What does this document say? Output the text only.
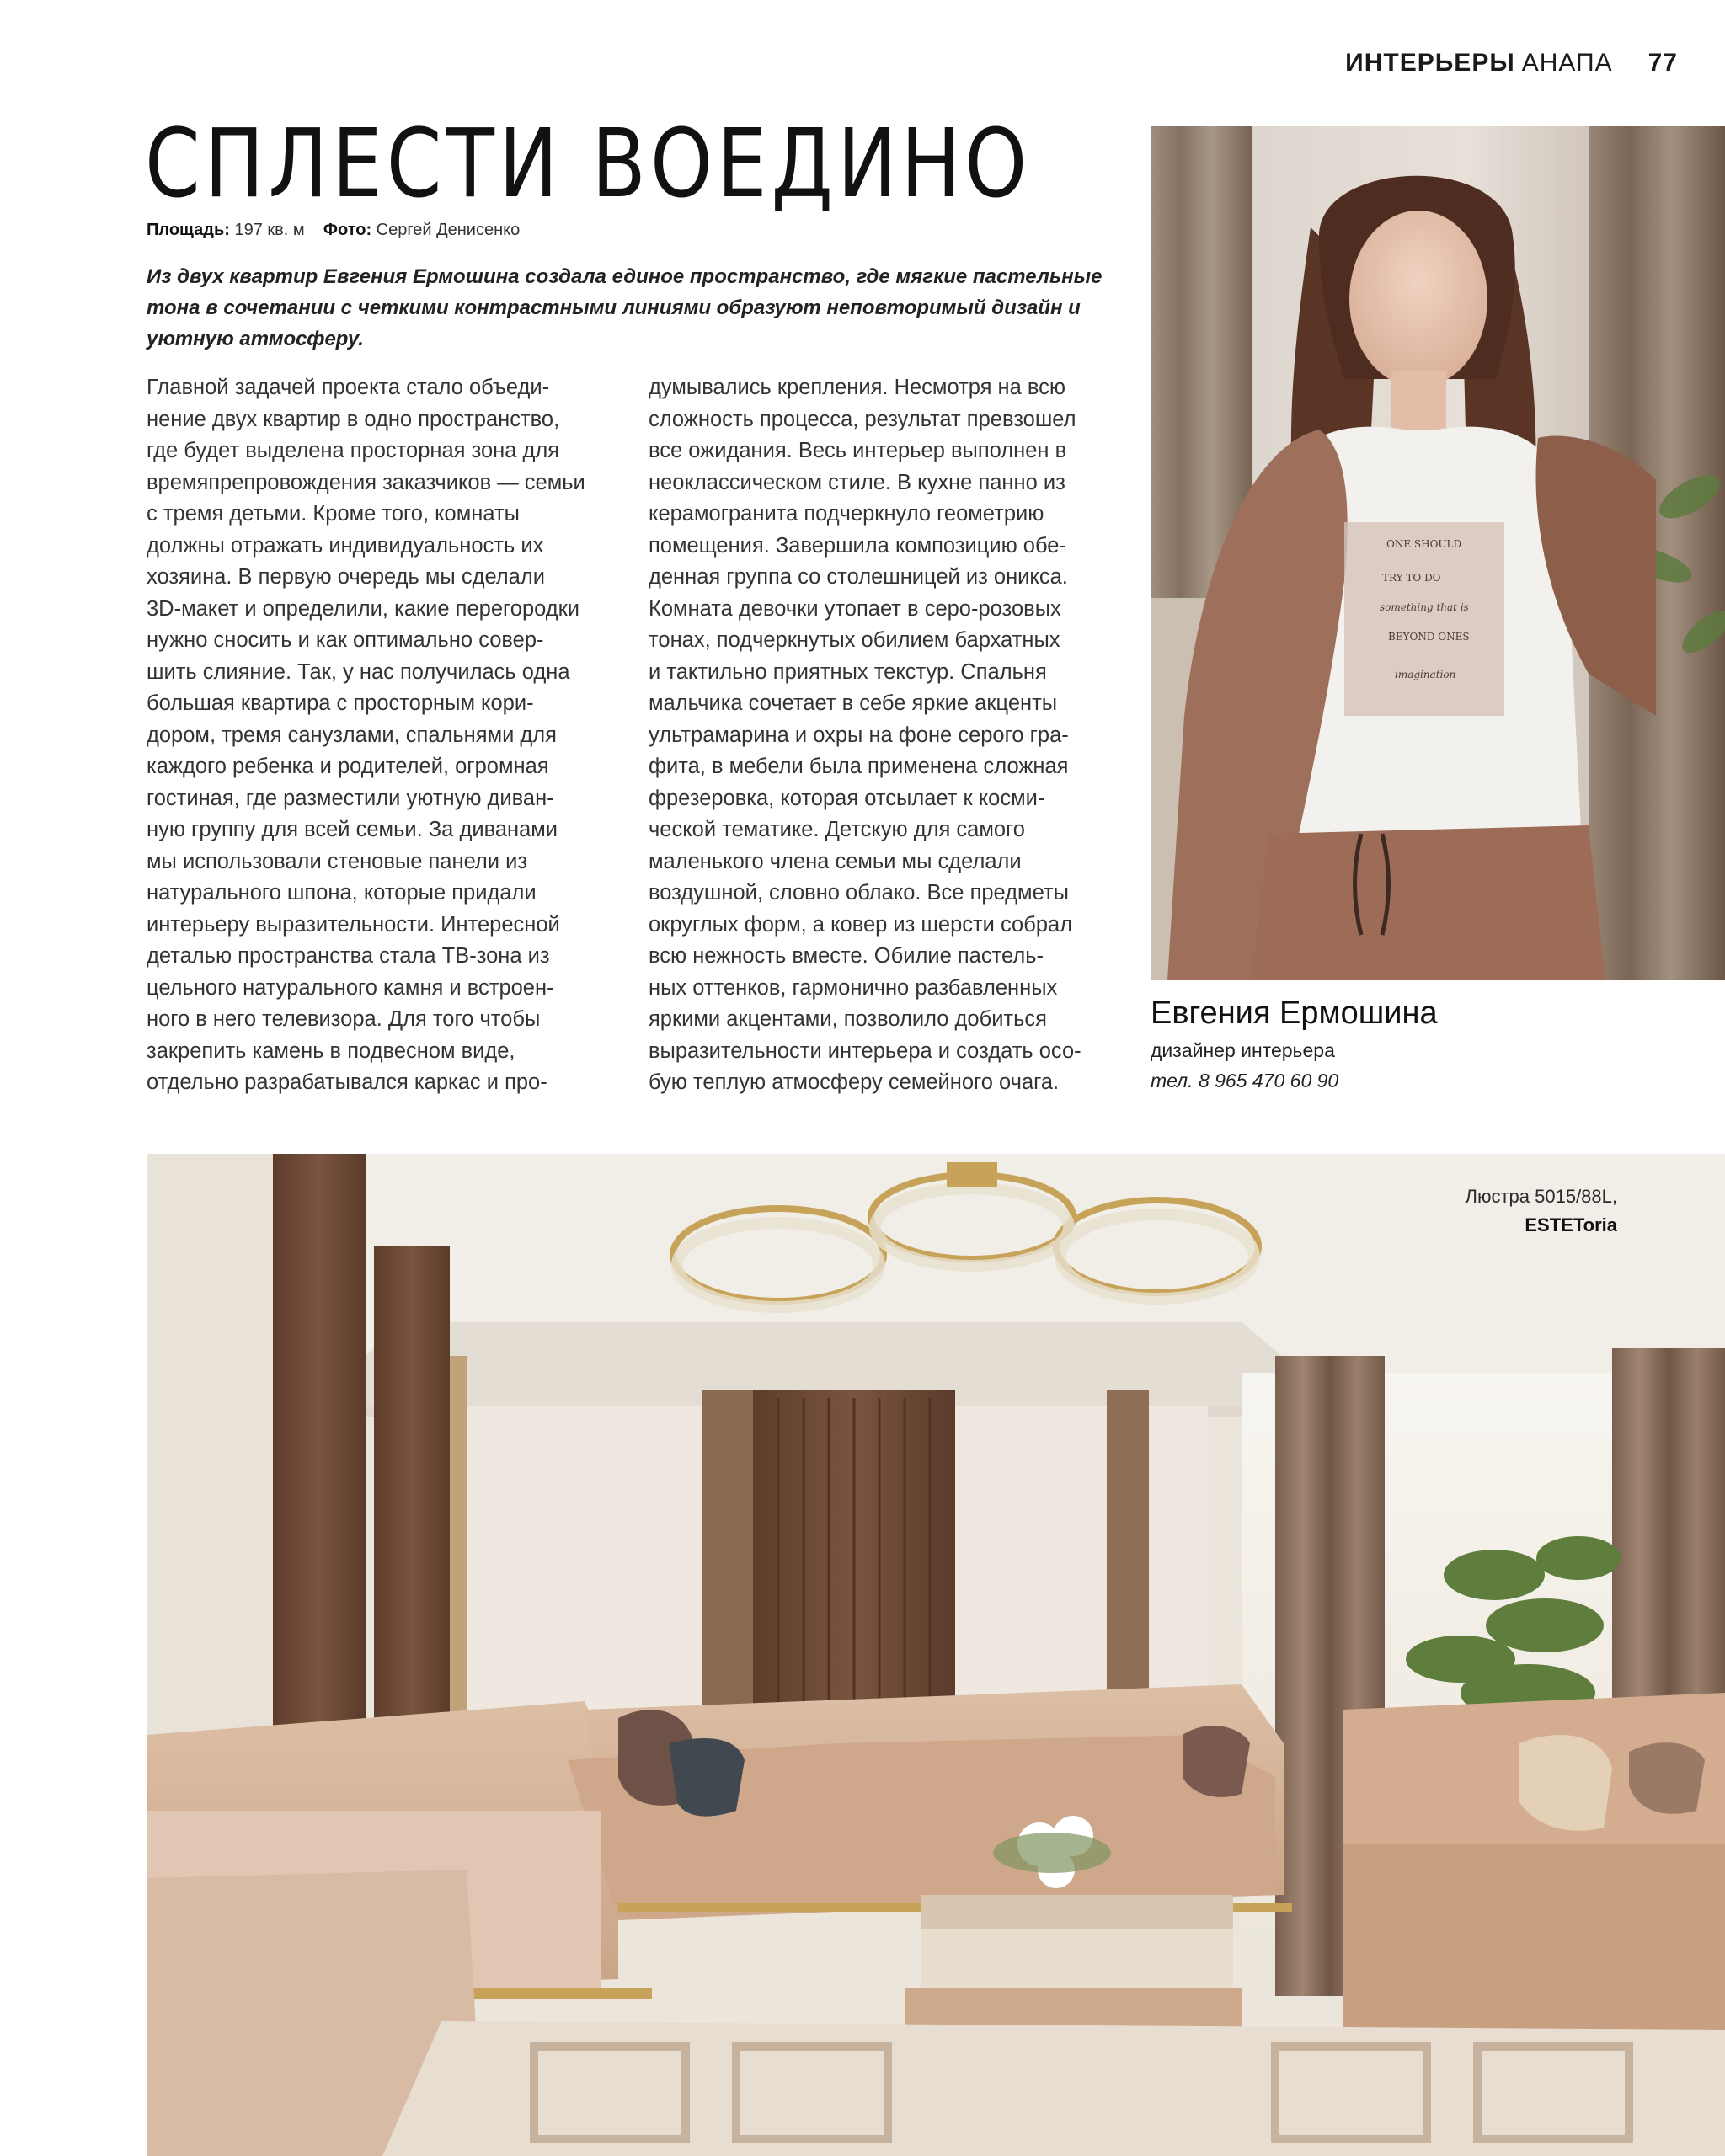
ИНТЕРЬЕРЫ АНАПА 77
СПЛЕСТИ ВОЕДИНО
Площадь: 197 кв. м Фото: Сергей Денисенко
Из двух квартир Евгения Ермошина создала единое пространство, где мягкие пастельные тона в сочетании с четкими контрастными линиями образуют неповторимый дизайн и уютную атмосферу.

Главной задачей проекта стало объеди-

нение двух квартир в одно пространство,

где будет выделена просторная зона для

времяпрепровождения заказчиков — семьи

с тремя детьми. Кроме того, комнаты

должны отражать индивидуальность их

хозяина. В первую очередь мы сделали

3D-макет и определили, какие перегородки

нужно сносить и как оптимально совер-

шить слияние. Так, у нас получилась одна

большая квартира с просторным кори-

дором, тремя санузлами, спальнями для

каждого ребенка и родителей, огромная

гостиная, где разместили уютную диван-

ную группу для всей семьи. За диванами

мы использовали стеновые панели из

натурального шпона, которые придали

интерьеру выразительности. Интересной

деталью пространства стала ТВ-зона из

цельного натурального камня и встроен-

ного в него телевизора. Для того чтобы

закрепить камень в подвесном виде,

отдельно разрабатывался каркас и про-

думывались крепления. Несмотря на всю

сложность процесса, результат превзошел

все ожидания. Весь интерьер выполнен в

неоклассическом стиле. В кухне панно из

керамогранита подчеркнуло геометрию

помещения. Завершила композицию обе-

денная группа со столешницей из оникса.

Комната девочки утопает в серо-розовых

тонах, подчеркнутых обилием бархатных

и тактильно приятных текстур. Спальня

мальчика сочетает в себе яркие акценты

ультрамарина и охры на фоне серого гра-

фита, в мебели была применена сложная

фрезеровка, которая отсылает к косми-

ческой тематике. Детскую для самого

маленького члена семьи мы сделали

воздушной, словно облако. Все предметы

округлых форм, а ковер из шерсти собрал

всю нежность вместе. Обилие пастель-

ных оттенков, гармонично разбавленных

яркими акцентами, позволило добиться

выразительности интерьера и создать осо-

бую теплую атмосферу семейного очага.

ONE SHOULD
TRY TO DO
something that is
BEYOND ONES
imagination
Евгения Ермошина
дизайнер интерьера
тел. 8 965 470 60 90
Люстра 5015/88L,
ESTEToria
